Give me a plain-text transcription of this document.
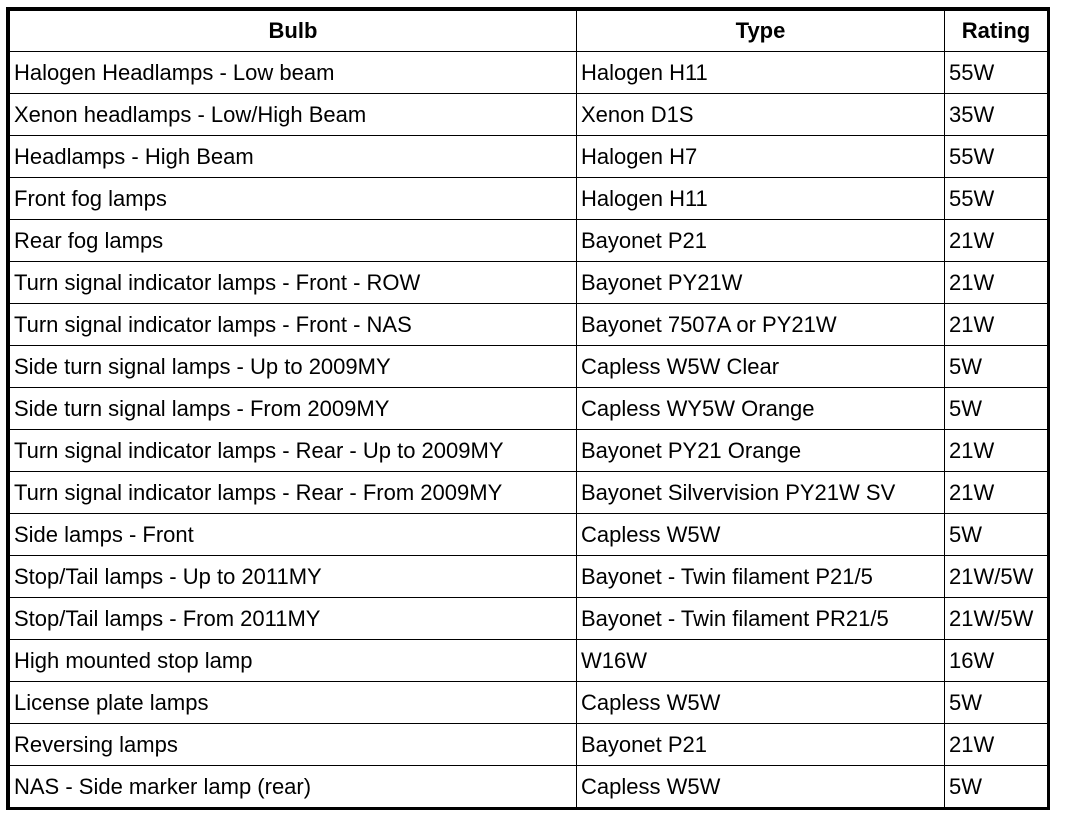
Bulb	Type	Rating
Halogen Headlamps - Low beam	Halogen H11	55W
Xenon headlamps - Low/High Beam	Xenon D1S	35W
Headlamps - High Beam	Halogen H7	55W
Front fog lamps	Halogen H11	55W
Rear fog lamps	Bayonet P21	21W
Turn signal indicator lamps - Front - ROW	Bayonet PY21W	21W
Turn signal indicator lamps - Front - NAS	Bayonet 7507A or PY21W	21W
Side turn signal lamps - Up to 2009MY	Capless W5W Clear	5W
Side turn signal lamps - From 2009MY	Capless WY5W Orange	5W
Turn signal indicator lamps - Rear - Up to 2009MY	Bayonet PY21 Orange	21W
Turn signal indicator lamps - Rear - From 2009MY	Bayonet Silvervision PY21W SV	21W
Side lamps - Front	Capless W5W	5W
Stop/Tail lamps - Up to 2011MY	Bayonet - Twin filament P21/5	21W/5W
Stop/Tail lamps - From 2011MY	Bayonet - Twin filament PR21/5	21W/5W
High mounted stop lamp	W16W	16W
License plate lamps	Capless W5W	5W
Reversing lamps	Bayonet P21	21W
NAS - Side marker lamp (rear)	Capless W5W	5W
